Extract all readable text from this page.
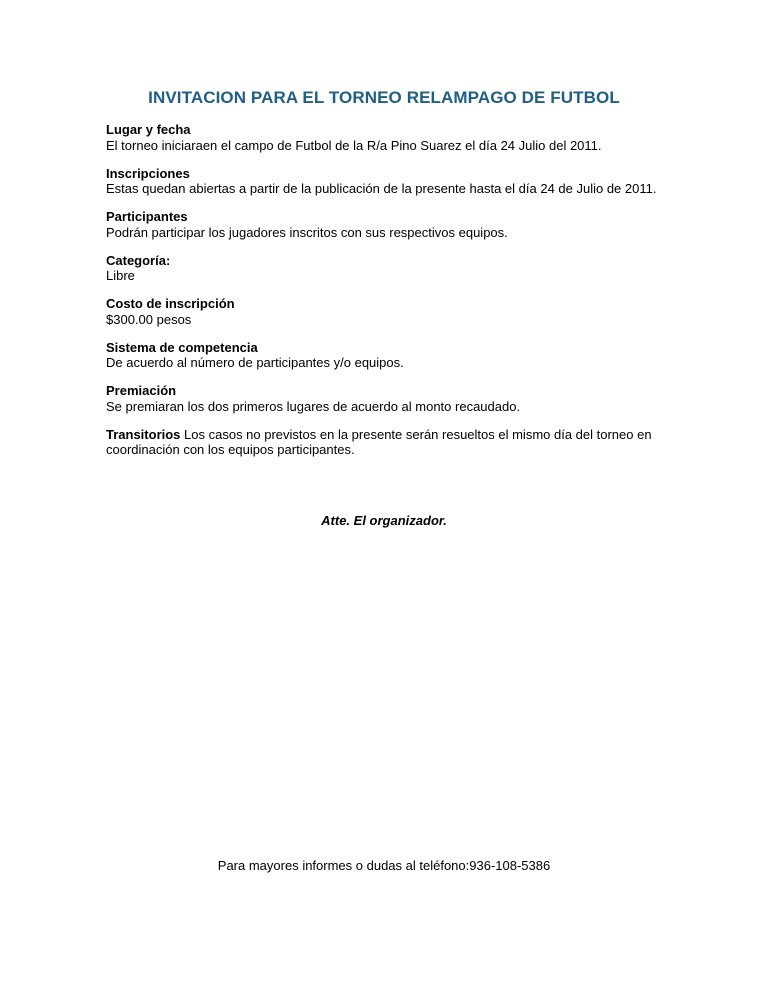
INVITACION PARA EL TORNEO RELAMPAGO DE FUTBOL
Lugar y fecha
El torneo iniciaraen el campo de Futbol de la R/a Pino Suarez el día 24 Julio del 2011.
Inscripciones
Estas quedan abiertas a partir de la publicación de la presente hasta el día 24 de Julio de 2011.
Participantes
Podrán participar los jugadores inscritos con sus respectivos equipos.
Categoría:
Libre
Costo de inscripción
$300.00 pesos
Sistema de competencia
De acuerdo al número de participantes y/o equipos.
Premiación
Se premiaran los dos primeros lugares de acuerdo al monto recaudado.
Transitorios Los casos no previstos en la presente serán resueltos el mismo día del torneo en coordinación con los equipos participantes.
Atte. El organizador.
Para mayores informes o dudas al teléfono:936-108-5386
